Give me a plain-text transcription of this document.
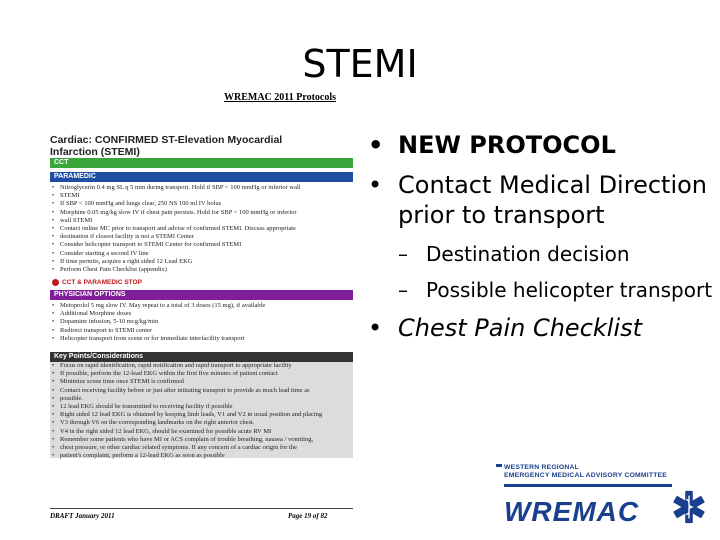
STEMI
WREMAC 2011 Protocols
Cardiac: CONFIRMED ST-Elevation Myocardial Infarction (STEMI)
CCT
PARAMEDIC
• Nitroglycerin 0.4 mg SL q 5 min during transport. Hold if SBP < 100 mmHg or inferior wall
• STEMI
• If SBP < 100 mmHg and lungs clear, 250 NS 100 ml IV bolus
• Morphine 0.05 mg/kg slow IV if chest pain persists. Hold for SBP < 100 mmHg or inferior
• wall STEMI
• Contact online MC prior to transport and advise of confirmed STEMI. Discuss appropriate
• destination if closest facility is not a STEMI Center
• Consider helicopter transport to STEMI Center for confirmed STEMI
• Consider starting a second IV line
• If time permits, acquire a right sided 12 Lead EKG
• Perform Chest Pain Checklist (appendix)
CCT & PARAMEDIC STOP
PHYSICIAN OPTIONS
• Metoprolol 5 mg slow IV. May repeat to a total of 3 doses (15 mg), if available
• Additional Morphine doses
• Dopamine infusion, 5-10 mcg/kg/min
• Redirect transport to STEMI center
• Helicopter transport from scene or for immediate interfacility transport
Key Points/Considerations
• Focus on rapid identification, rapid notification and rapid transport to appropriate facility
• If possible, perform the 12-lead EKG within the first five minutes of patient contact
• Minimize scene time once STEMI is confirmed
• Contact receiving facility before or just after initiating transport to provide as much lead time as
• possible.
• 12 lead EKG should be transmitted to receiving facility if possible
• Right sided 12 lead EKG is obtained by keeping limb leads, V1 and V2 in usual position and placing
• V3 through V6 on the corresponding landmarks on the right anterior chest.
• V4 in the right sided 12 lead EKG, should be examined for possible acute RV MI
• Remember some patients who have MI or ACS complain of trouble breathing, nausea / vomiting,
• chest pressure, or other cardiac related symptoms. If any concern of a cardiac origin for the
• patient's complaint, perform a 12-lead EKG as soon as possible
DRAFT January 2011	Page 19 of 82
• NEW PROTOCOL
• Contact Medical Direction prior to transport
– Destination decision
– Possible helicopter transport
• Chest Pain Checklist
WESTERN REGIONAL
EMERGENCY MEDICAL ADVISORY COMMITTEE
WREMAC
